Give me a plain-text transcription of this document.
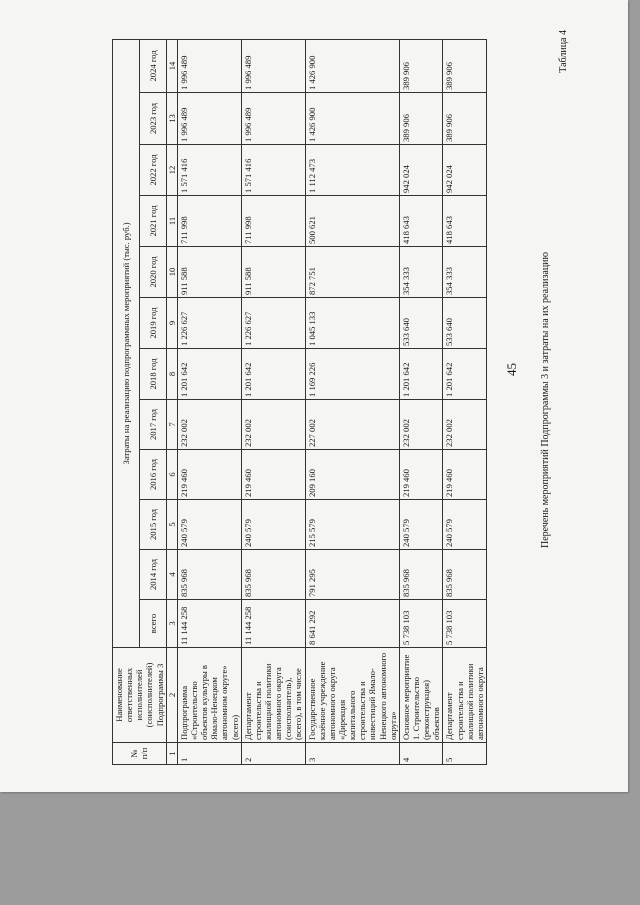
№ п/п	Наименование ответственных исполнителей (соисполнителей) Подпрограммы 3	Затраты на реализацию подпрограммных мероприятий (тыс. руб.)											
		всего	2014 год	2015 год	2016 год	2017 год	2018 год	2019 год	2020 год	2021 год	2022 год	2023 год	2024 год
1	2	3	4	5	6	7	8	9	10	11	12	13	14
1	Подпрограмма «Строительство объектов культуры в Ямало-Ненецком автономном округе» (всего)	11 144 258	835 968	240 579	219 460	232 002	1 201 642	1 226 627	911 588	711 998	1 571 416	1 996 489	1 996 489
2	Департамент строительства и жилищной политики автономного округа (соисполнитель), (всего), в том числе	11 144 258	835 968	240 579	219 460	232 002	1 201 642	1 226 627	911 588	711 998	1 571 416	1 996 489	1 996 489
3	Государственное казённое учреждение автономного округа «Дирекция капитального строительства и инвестиций Ямало-Ненецкого автономного округа»	8 641 292	791 295	215 579	209 160	227 002	1 169 226	1 045 133	872 751	500 621	1 112 473	1 426 900	1 426 900
4	Основное мероприятие 1. Строительство (реконструкция) объектов	5 738 103	835 968	240 579	219 460	232 002	1 201 642	533 640	354 333	418 643	942 024	389 906	389 906
5	Департамент строительства и жилищной политики автономного округа	5 738 103	835 968	240 579	219 460	232 002	1 201 642	533 640	354 333	418 643	942 024	389 906	389 906
Перечень мероприятий Подпрограммы 3 и затраты на их реализацию
45
Таблица 4
